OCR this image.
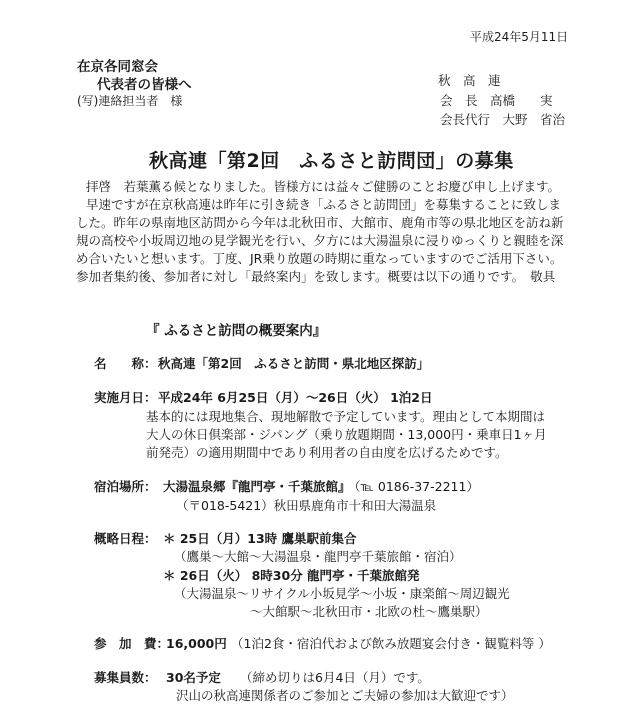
平成24年5月11日
在京各同窓会
代表者の皆様へ
(写)連絡担当者　様
秋　高　連
会　長　高橋　　実
会長代行　大野　省治
秋高連「第2回　ふるさと訪問団」の募集
拝啓　若葉薫る候となりました。皆様方には益々ご健勝のことお慶び申し上げます。
早速ですが在京秋高連は昨年に引き続き「ふるさと訪問団」を募集することに致しま
した。昨年の県南地区訪問から今年は北秋田市、大館市、鹿角市等の県北地区を訪ね新
規の高校や小坂周辺地の見学観光を行い、夕方には大湯温泉に浸りゆっくりと親睦を深
め合いたいと想います。丁度、JR乗り放題の時期に重なっていますのでご活用下さい。
参加者集約後、参加者に対し「最終案内」を致します。概要は以下の通りです。　敬具
『 ふるさと訪問の概要案内』
名　　称： 秋高連「第2回　ふるさと訪問・県北地区探訪」
実施月日： 平成24年 6月25日（月）〜26日（火） 1泊2日
基本的には現地集合、現地解散で予定しています。理由として本期間は
大人の休日倶楽部・ジパング（乗り放題期間・13,000円・乗車日1ヶ月
前発売）の適用期間中であり利用者の自由度を広げるためです。
宿泊場所： 大湯温泉郷『龍門亭・千葉旅館』
（℡ 0186-37-2211）
（〒018-5421）秋田県鹿角市十和田大湯温泉
概略日程： ＊ 25日（月）13時 鷹巣駅前集合
（鷹巣〜大館〜大湯温泉・龍門亭千葉旅館・宿泊）
＊ 26日（火） 8時30分 龍門亭・千葉旅館発
（大湯温泉〜リサイクル小坂見学〜小坂・康楽館〜周辺観光
〜大館駅〜北秋田市・北欧の杜〜鷹巣駅）
参　加　費：
16,000円 （1泊2食・宿泊代および飲み放題宴会付き・観覧料等 ）
募集員数： 30名予定 （締め切りは6月4日（月）です。
沢山の秋高連関係者のご参加とご夫婦の参加は大歓迎です）
